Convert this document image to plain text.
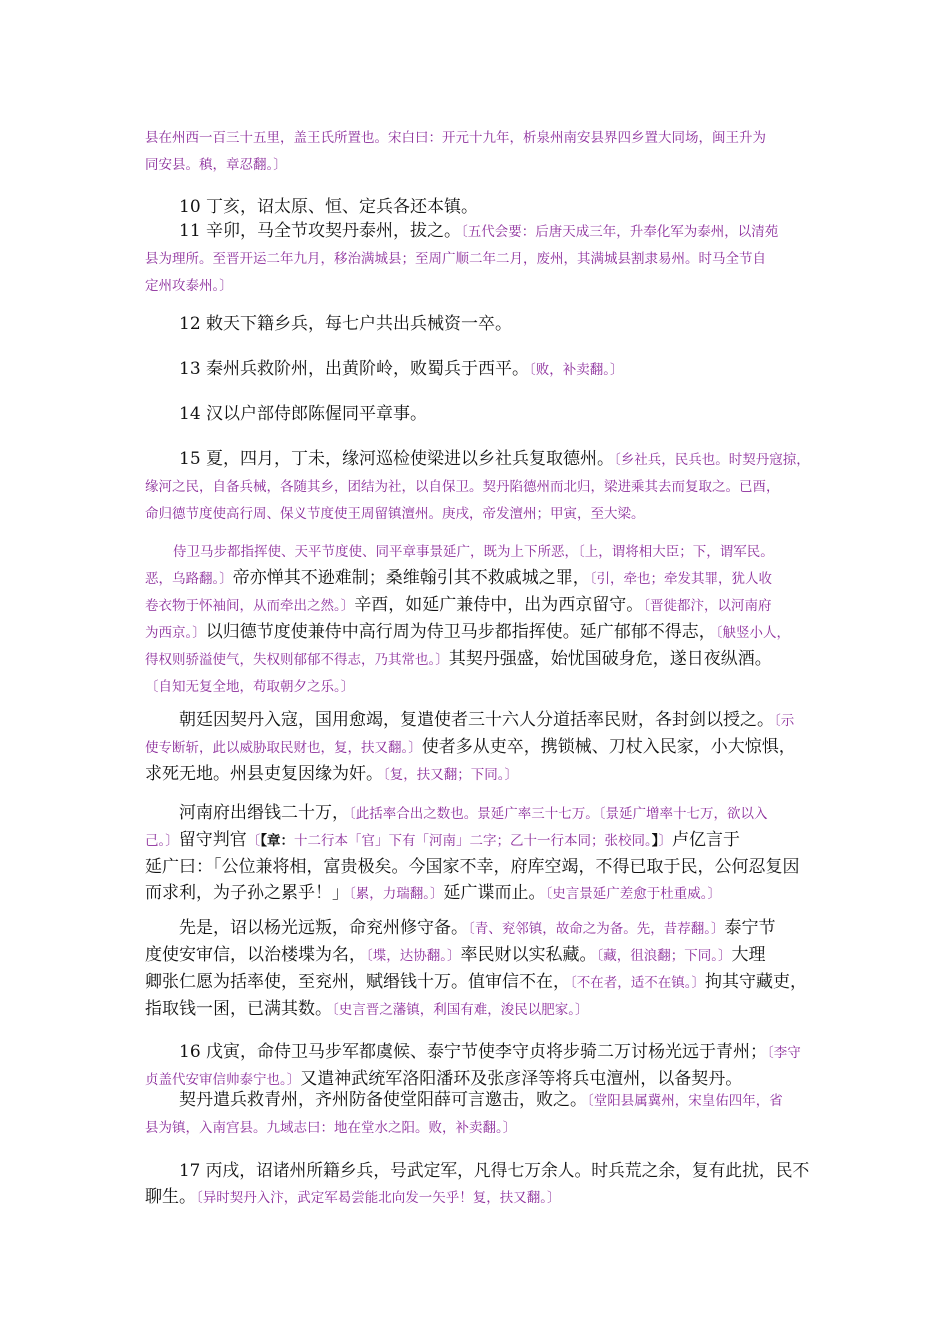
县在州西一百三十五里，盖王氏所置也。宋白曰：开元十九年，析泉州南安县界四乡置大同场，闽王升为
同安县。稹，章忍翻。〕
10 丁亥，诏太原、恒、定兵各还本镇。
11 辛卯，马全节攻契丹泰州，拔之。〔五代会要：后唐天成三年，升奉化军为泰州，以清苑
县为理所。至晋开运二年九月，移治满城县；至周广顺二年二月，废州，其满城县割隶易州。时马全节自
定州攻泰州。〕
12 敕天下籍乡兵，每七户共出兵械资一卒。
13 秦州兵救阶州，出黄阶岭，败蜀兵于西平。〔败，补卖翻。〕
14 汉以户部侍郎陈偓同平章事。
15 夏，四月，丁未，缘河巡检使梁进以乡社兵复取德州。〔乡社兵，民兵也。时契丹寇掠，
缘河之民，自备兵械，各随其乡，团结为社，以自保卫。契丹陷德州而北归，梁进乘其去而复取之。已酉，
命归德节度使高行周、保义节度使王周留镇澶州。庚戌，帝发澶州；甲寅，至大梁。
侍卫马步都指挥使、天平节度使、同平章事景延广，既为上下所恶，〔上，谓将相大臣；下，谓军民。
恶，乌路翻。〕帝亦惮其不逊难制；桑维翰引其不救戚城之罪，〔引，牵也；牵发其罪，犹人收
卷衣物于怀袖间，从而牵出之然。〕辛酉，如延广兼侍中，出为西京留守。〔晋徙都汴，以河南府
为西京。〕以归德节度使兼侍中高行周为侍卫马步都指挥使。延广郁郁不得志，〔觖竖小人，
得权则骄溢使气，失权则郁郁不得志，乃其常也。〕其契丹强盛，始忧国破身危，遂日夜纵酒。
〔自知无复全地，苟取朝夕之乐。〕
朝廷因契丹入寇，国用愈竭，复遣使者三十六人分道括率民财，各封剑以授之。〔示
使专断斩，此以威胁取民财也，复，扶又翻。〕使者多从吏卒，携锁械、刀杖入民家，小大惊惧，
求死无地。州县吏复因缘为奸。〔复，扶又翻；下同。〕
河南府出缗钱二十万，〔此括率合出之数也。景延广率三十七万。〔景延广增率十七万，欲以入
己。〕留守判官〔【章：十二行本「官」下有「河南」二字；乙十一行本同；张校同。】〕卢亿言于
延广曰：「公位兼将相，富贵极矣。今国家不幸，府库空竭，不得已取于民，公何忍复因
而求利，为子孙之累乎！」〔累，力瑞翻。〕延广谍而止。〔史言景延广差愈于杜重威。〕
先是，诏以杨光远叛，命兖州修守备。〔青、兖邻镇，故命之为备。先，昔荐翻。〕泰宁节
度使安审信，以治楼堞为名，〔堞，达协翻。〕率民财以实私藏。〔藏，徂浪翻；下同。〕大理
卿张仁愿为括率使，至兖州，赋缗钱十万。值审信不在，〔不在者，适不在镇。〕拘其守藏吏，
指取钱一囷，已满其数。〔史言晋之藩镇，利国有难，浚民以肥家。〕
16 戊寅，命侍卫马步军都虞候、泰宁节使李守贞将步骑二万讨杨光远于青州；〔李守
贞盖代安审信帅泰宁也。〕又遣神武统军洛阳潘环及张彦泽等将兵屯澶州，以备契丹。
契丹遣兵救青州，齐州防备使堂阳薛可言邀击，败之。〔堂阳县属冀州，宋皇佑四年，省
县为镇，入南宫县。九域志曰：地在堂水之阳。败，补卖翻。〕
17 丙戌，诏诸州所籍乡兵，号武定军，凡得七万余人。时兵荒之余，复有此扰，民不
聊生。〔异时契丹入汴，武定军曷尝能北向发一矢乎！复，扶又翻。〕
